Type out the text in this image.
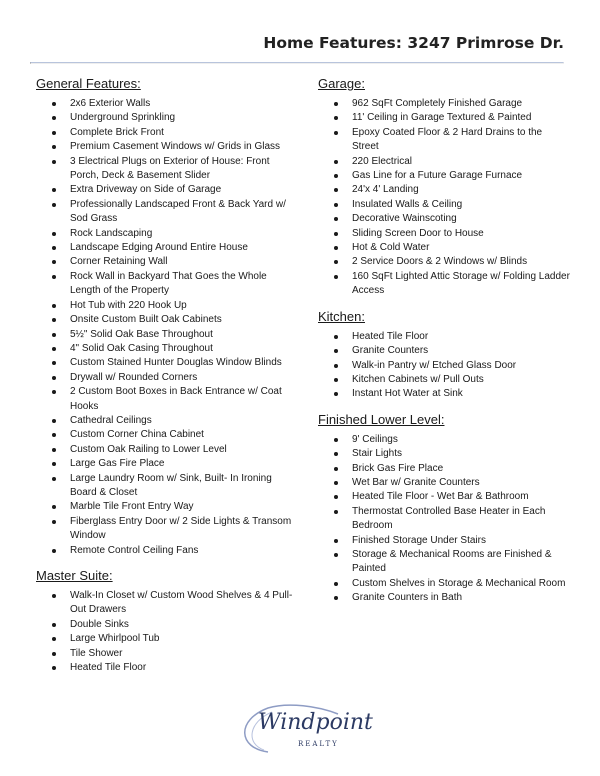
Home Features: 3247 Primrose Dr.
General Features:
2x6 Exterior Walls
Underground Sprinkling
Complete Brick Front
Premium Casement Windows w/ Grids in Glass
3 Electrical Plugs on Exterior of House: Front Porch, Deck & Basement Slider
Extra Driveway on Side of Garage
Professionally Landscaped Front & Back Yard w/ Sod Grass
Rock Landscaping
Landscape Edging Around Entire House
Corner Retaining Wall
Rock Wall in Backyard That Goes the Whole Length of the Property
Hot Tub with 220 Hook Up
Onsite Custom Built Oak Cabinets
5½" Solid Oak Base Throughout
4" Solid Oak Casing Throughout
Custom Stained Hunter Douglas Window Blinds
Drywall w/ Rounded Corners
2 Custom Boot Boxes in Back Entrance w/ Coat Hooks
Cathedral Ceilings
Custom Corner China Cabinet
Custom Oak Railing to Lower Level
Large Gas Fire Place
Large Laundry Room w/ Sink, Built- In Ironing Board & Closet
Marble Tile Front Entry Way
Fiberglass Entry Door w/ 2 Side Lights & Transom Window
Remote Control Ceiling Fans
Master Suite:
Walk-In Closet w/ Custom Wood Shelves & 4 Pull-Out Drawers
Double Sinks
Large Whirlpool Tub
Tile Shower
Heated Tile Floor
Garage:
962 SqFt Completely Finished Garage
11' Ceiling in Garage Textured & Painted
Epoxy Coated Floor & 2 Hard Drains to the Street
220 Electrical
Gas Line for a Future Garage Furnace
24'x 4' Landing
Insulated Walls & Ceiling
Decorative Wainscoting
Sliding Screen Door to House
Hot & Cold Water
2 Service Doors & 2 Windows w/ Blinds
160 SqFt Lighted Attic Storage w/ Folding Ladder Access
Kitchen:
Heated Tile Floor
Granite Counters
Walk-in Pantry w/ Etched Glass Door
Kitchen Cabinets w/ Pull Outs
Instant Hot Water at Sink
Finished Lower Level:
9' Ceilings
Stair Lights
Brick Gas Fire Place
Wet Bar w/ Granite Counters
Heated Tile Floor - Wet Bar & Bathroom
Thermostat Controlled Base Heater in Each Bedroom
Finished Storage Under Stairs
Storage & Mechanical Rooms are Finished & Painted
Custom Shelves in Storage & Mechanical Room
Granite Counters in Bath
Windpoint
REALTY
